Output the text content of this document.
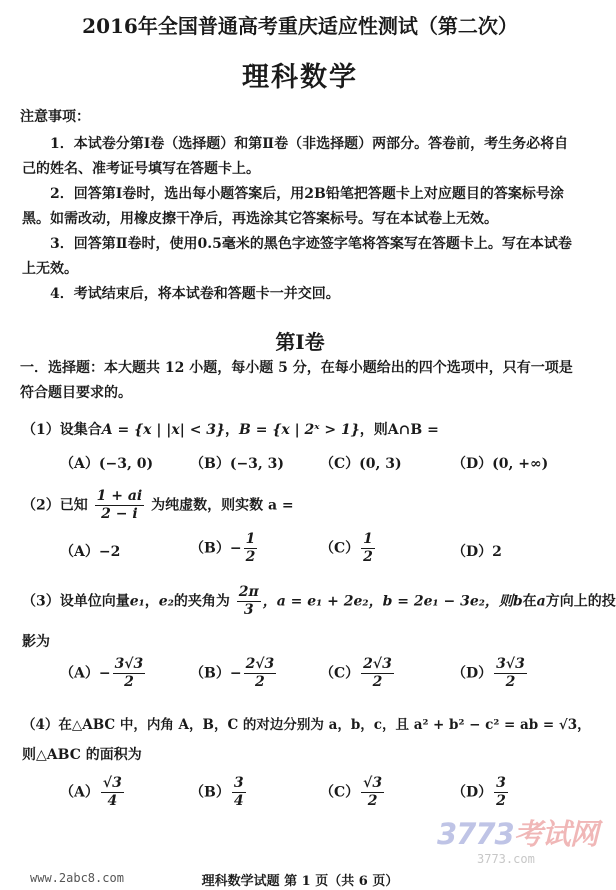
2016年全国普通高考重庆适应性测试（第二次）
理科数学
注意事项：
1．本试卷分第Ⅰ卷（选择题）和第Ⅱ卷（非选择题）两部分。答卷前，考生务必将自己的姓名、准考证号填写在答题卡上。
2．回答第Ⅰ卷时，选出每小题答案后，用2B铅笔把答题卡上对应题目的答案标号涂黑。如需改动，用橡皮擦干净后，再选涂其它答案标号。写在本试卷上无效。
3．回答第Ⅱ卷时，使用0.5毫米的黑色字迹签字笔将答案写在答题卡上。写在本试卷上无效。
4．考试结束后，将本试卷和答题卡一并交回。
第Ⅰ卷
一．选择题：本大题共 12 小题，每小题 5 分，在每小题给出的四个选项中，只有一项是符合题目要求的。
（1）设集合A = {x | |x| < 3}，B = {x | 2ˣ > 1}，则A∩B =
（A）(−3, 0)	（B）(−3, 3)	（C）(0, 3)	（D）(0, +∞)
（2）已知 $\frac{1 + ai}{2 - i}$ 为纯虚数，则实数 a =
（A）−2	$(B)- \frac{1}{2}$	$(C) \frac{1}{2}$	（D）2
（3）设单位向量e₁，e₂的夹角为 $\frac{2\pi}{3}$ ，a = e₁ + 2e₂，b = 2e₁ − 3e₂，则b在a方向上的投
影为
$(A)- \frac{3√3}{2}$	$(B)- \frac{2√3}{2}$	$(C) \frac{2√3}{2}$	$(D) \frac{3√3}{2}$
（4）在△ABC 中，内角 A，B，C 的对边分别为 a，b，c，且 a² + b² − c² = ab = √3，
则△ABC 的面积为
$(A) \frac{√3}{4}$	$(B) \frac{3}{4}$	$(C) \frac{√3}{2}$	$(D) \frac{3}{2}$
3773考试网
3773.com
www.2abc8.com	理科数学试题 第 1 页（共 6 页）
